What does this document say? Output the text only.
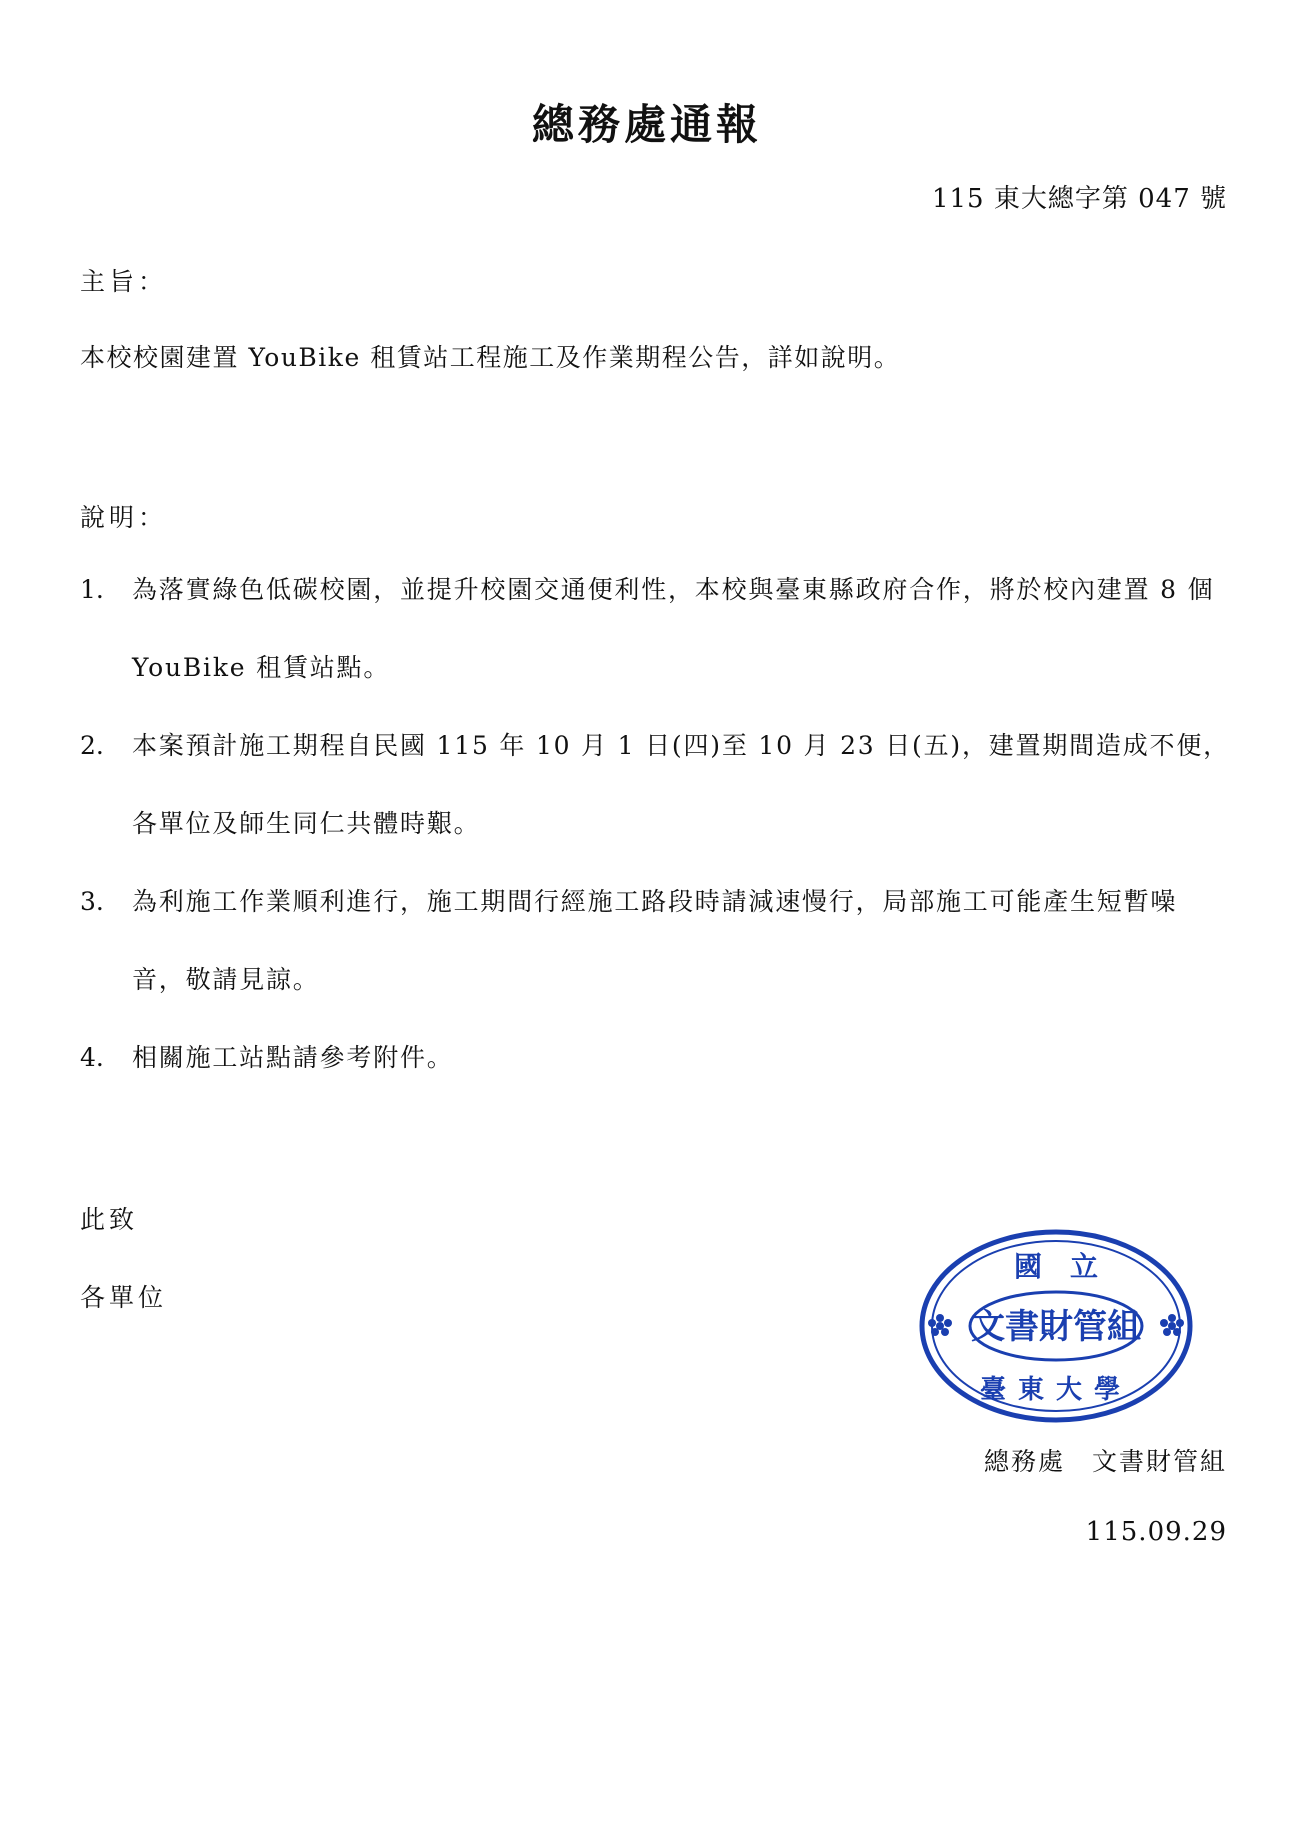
總務處通報
115 東大總字第 047 號
主旨：
本校校園建置 YouBike 租賃站工程施工及作業期程公告，詳如說明。
說明：
1.	為落實綠色低碳校園，並提升校園交通便利性，本校與臺東縣政府合作，將於校內建置 8 個 YouBike 租賃站點。
2.	本案預計施工期程自民國 115 年 10 月 1 日(四)至 10 月 23 日(五)，建置期間造成不便，各單位及師生同仁共體時艱。
3.	為利施工作業順利進行，施工期間行經施工路段時請減速慢行，局部施工可能產生短暫噪音，敬請見諒。
4.	相關施工站點請參考附件。
此致
各單位
國　立
文書財管組
臺東大學
總務處　文書財管組
115.09.29
